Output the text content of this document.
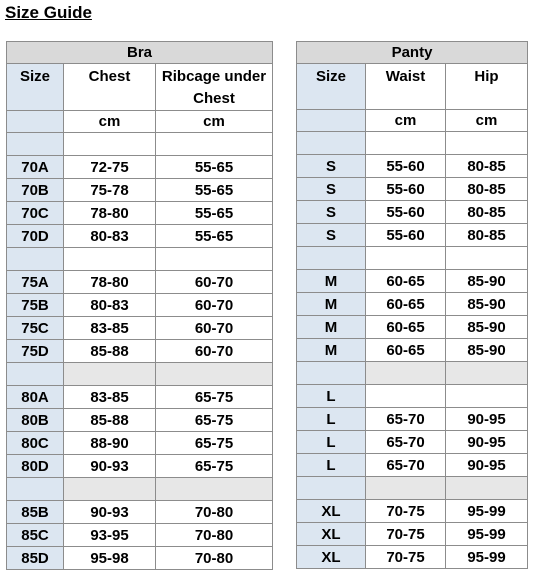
Size Guide
Bra		
Size	Chest	Ribcage under Chest
	cm	cm

70A	72-75	55-65
70B	75-78	55-65
70C	78-80	55-65
70D	80-83	55-65

75A	78-80	60-70
75B	80-83	60-70
75C	83-85	60-70
75D	85-88	60-70

80A	83-85	65-75
80B	85-88	65-75
80C	88-90	65-75
80D	90-93	65-75

85B	90-93	70-80
85C	93-95	70-80
85D	95-98	70-80
Panty		
Size	Waist	Hip
	cm	cm

S	55-60	80-85
S	55-60	80-85
S	55-60	80-85
S	55-60	80-85

M	60-65	85-90
M	60-65	85-90
M	60-65	85-90
M	60-65	85-90

L		
L	65-70	90-95
L	65-70	90-95
L	65-70	90-95

XL	70-75	95-99
XL	70-75	95-99
XL	70-75	95-99
